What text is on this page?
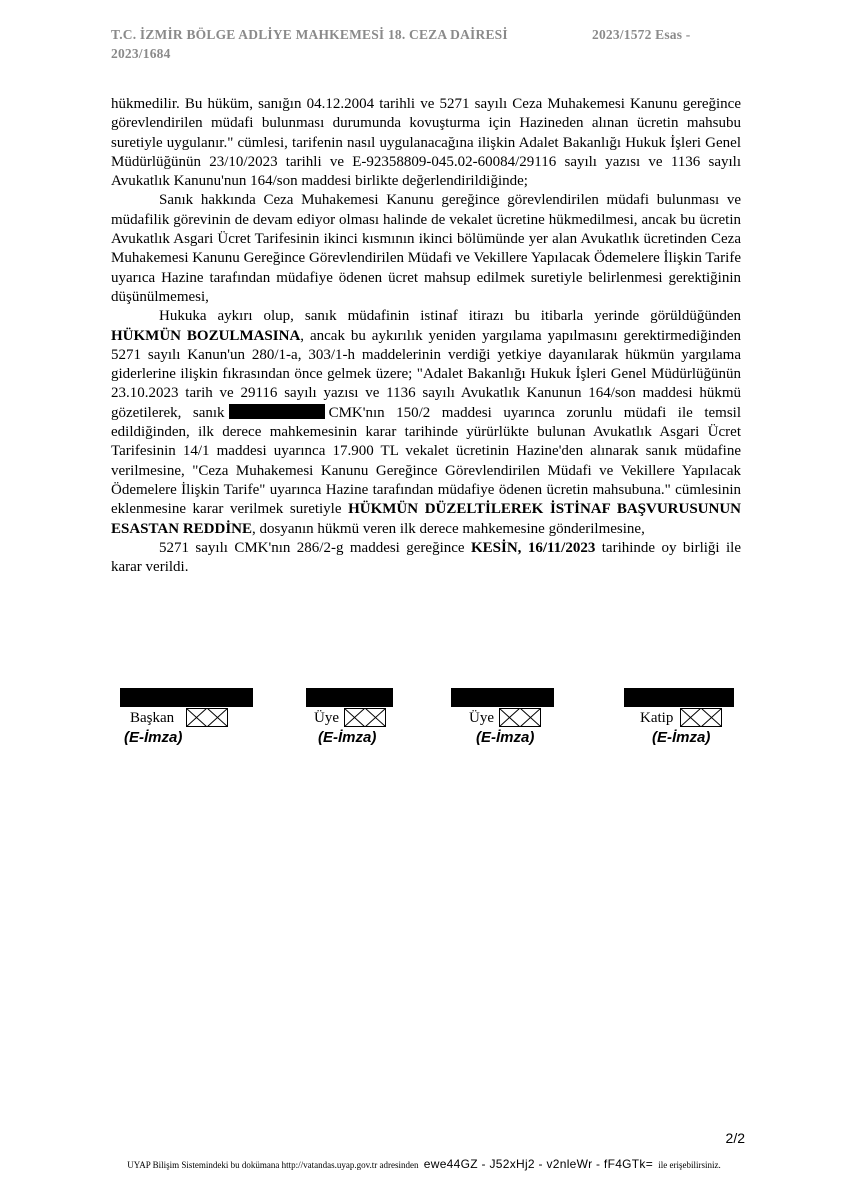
T.C. İZMİR BÖLGE ADLİYE MAHKEMESİ 18. CEZA DAİRESİ	2023/1572 Esas -
2023/1684

hükmedilir. Bu hüküm, sanığın 04.12.2004 tarihli ve 5271 sayılı Ceza Muhakemesi Kanunu gereğince görevlendirilen müdafi bulunması durumunda kovuşturma için Hazineden alınan ücretin mahsubu suretiyle uygulanır." cümlesi, tarifenin nasıl uygulanacağına ilişkin Adalet Bakanlığı Hukuk İşleri Genel Müdürlüğünün 23/10/2023 tarihli ve E-92358809-045.02-60084/29116 sayılı yazısı ve 1136 sayılı Avukatlık Kanunu'nun 164/son maddesi birlikte değerlendirildiğinde;

Sanık hakkında Ceza Muhakemesi Kanunu gereğince görevlendirilen müdafi bulunması ve müdafilik görevinin de devam ediyor olması halinde de vekalet ücretine hükmedilmesi, ancak bu ücretin Avukatlık Asgari Ücret Tarifesinin ikinci kısmının ikinci bölümünde yer alan Avukatlık ücretinden Ceza Muhakemesi Kanunu Gereğince Görevlendirilen Müdafi ve Vekillere Yapılacak Ödemelere İlişkin Tarife uyarıca Hazine tarafından müdafiye ödenen ücret mahsup edilmek suretiyle belirlenmesi gerektiğinin düşünülmemesi,

Hukuka aykırı olup, sanık müdafinin istinaf itirazı bu itibarla yerinde görüldüğünden HÜKMÜN BOZULMASINA, ancak bu aykırılık yeniden yargılama yapılmasını gerektirmediğinden 5271 sayılı Kanun'un 280/1-a, 303/1-h maddelerinin verdiği yetkiye dayanılarak hükmün yargılama giderlerine ilişkin fıkrasından önce gelmek üzere; "Adalet Bakanlığı Hukuk İşleri Genel Müdürlüğünün 23.10.2023 tarih ve 29116 sayılı yazısı ve 1136 sayılı Avukatlık Kanunun 164/son maddesi hükmü gözetilerek, sanık	CMK'nın 150/2 maddesi uyarınca zorunlu müdafi ile temsil edildiğinden, ilk derece mahkemesinin karar tarihinde yürürlükte bulunan Avukatlık Asgari Ücret Tarifesinin 14/1 maddesi uyarınca 17.900 TL vekalet ücretinin Hazine'den alınarak sanık müdafine verilmesine, "Ceza Muhakemesi Kanunu Gereğince Görevlendirilen Müdafi ve Vekillere Yapılacak Ödemelere İlişkin Tarife" uyarınca Hazine tarafından müdafiye ödenen ücretin mahsubuna." cümlesinin eklenmesine karar verilmek suretiyle HÜKMÜN DÜZELTİLEREK İSTİNAF BAŞVURUSUNUN ESASTAN REDDİNE, dosyanın hükmü veren ilk derece mahkemesine gönderilmesine,

5271 sayılı CMK'nın 286/2-g maddesi gereğince KESİN, 16/11/2023 tarihinde oy birliği ile karar verildi.

Başkan
(E-İmza)
Üye
(E-İmza)
Üye
(E-İmza)
Katip
(E-İmza)
2/2
UYAP Bilişim Sistemindeki bu dokümana http://vatandas.uyap.gov.tr adresinden ewe44GZ - J52xHj2 - v2nleWr - fF4GTk= ile erişebilirsiniz.
